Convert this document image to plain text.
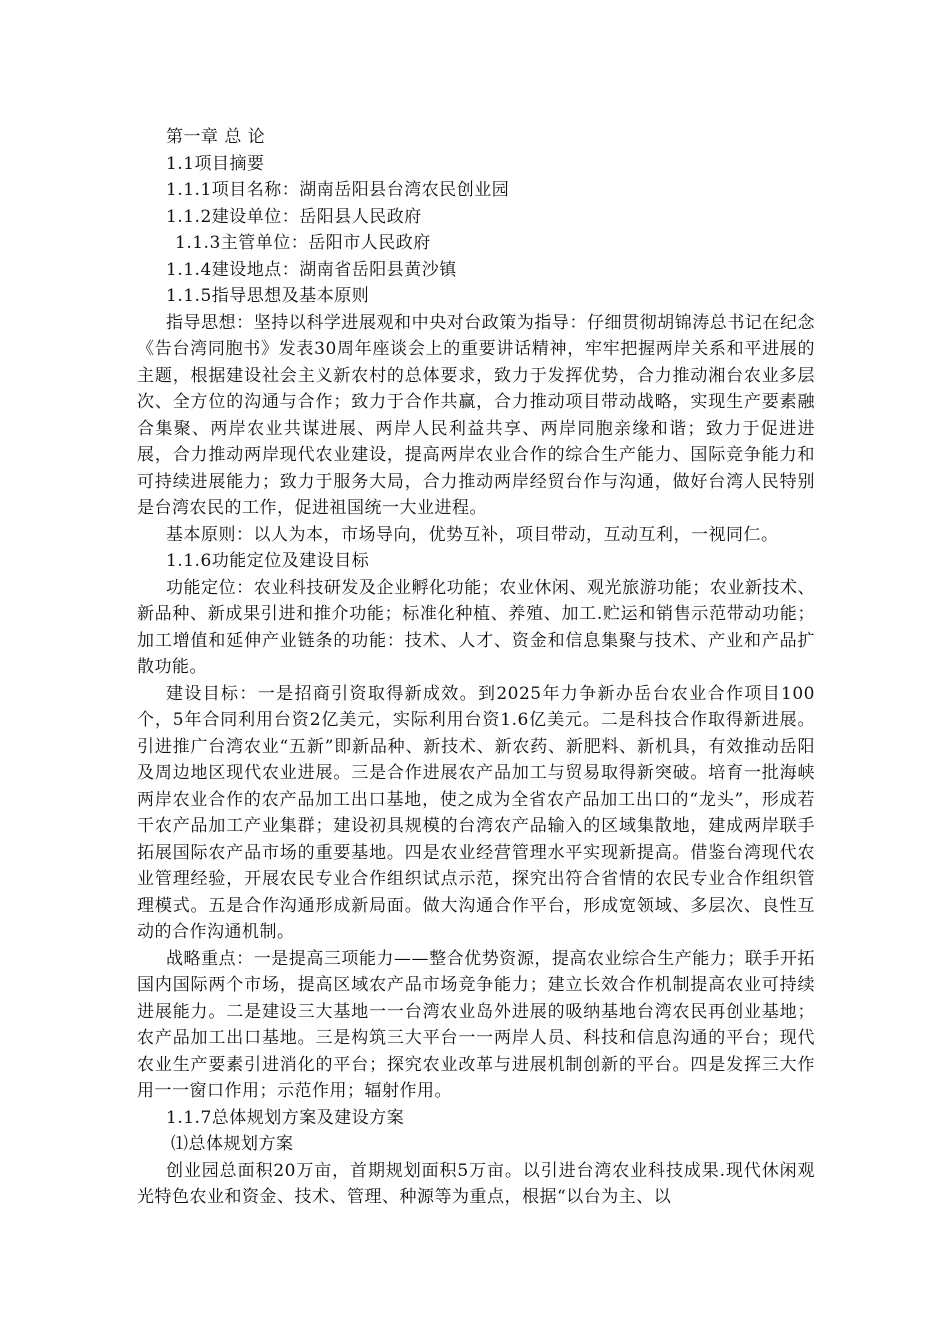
第一章 总 论

1.1项目摘要

1.1.1项目名称：湖南岳阳县台湾农民创业园

1.1.2建设单位：岳阳县人民政府

1.1.3主管单位：岳阳市人民政府

1.1.4建设地点：湖南省岳阳县黄沙镇

1.1.5指导思想及基本原则

指导思想：坚持以科学进展观和中央对台政策为指导：仔细贯彻胡锦涛总书记在纪念《告台湾同胞书》发表30周年座谈会上的重要讲话精神，牢牢把握两岸关系和平进展的主题，根据建设社会主义新农村的总体要求，致力于发挥优势，合力推动湘台农业多层次、全方位的沟通与合作；致力于合作共赢，合力推动项目带动战略，实现生产要素融合集聚、两岸农业共谋进展、两岸人民利益共享、两岸同胞亲缘和谐；致力于促进进展，合力推动两岸现代农业建设，提高两岸农业合作的综合生产能力、国际竞争能力和可持续进展能力；致力于服务大局，合力推动两岸经贸台作与沟通，做好台湾人民特别是台湾农民的工作，促进祖国统一大业进程。

基本原则：以人为本，市场导向，优势互补，项目带动，互动互利，一视同仁。

1.1.6功能定位及建设目标

功能定位：农业科技研发及企业孵化功能；农业休闲、观光旅游功能；农业新技术、新品种、新成果引进和推介功能；标准化种植、养殖、加工.贮运和销售示范带动功能；加工增值和延伸产业链条的功能：技术、人才、资金和信息集聚与技术、产业和产品扩散功能。

建设目标：一是招商引资取得新成效。到2025年力争新办岳台农业合作项目100个，5年合同利用台资2亿美元，实际利用台资1.6亿美元。二是科技合作取得新进展。引进推广台湾农业“五新”即新品种、新技术、新农药、新肥料、新机具，有效推动岳阳及周边地区现代农业进展。三是合作进展农产品加工与贸易取得新突破。培育一批海峡两岸农业合作的农产品加工出口基地，使之成为全省农产品加工出口的“龙头”，形成若干农产品加工产业集群；建设初具规模的台湾农产品输入的区域集散地，建成两岸联手拓展国际农产品市场的重要基地。四是农业经营管理水平实现新提高。借鉴台湾现代农业管理经验，开展农民专业合作组织试点示范，探究出符合省情的农民专业合作组织管理模式。五是合作沟通形成新局面。做大沟通合作平台，形成宽领域、多层次、良性互动的合作沟通机制。

战略重点：一是提高三项能力——整合优势资源，提高农业综合生产能力；联手开拓国内国际两个市场，提高区域农产品市场竞争能力；建立长效合作机制提高农业可持续进展能力。二是建设三大基地一一台湾农业岛外进展的吸纳基地台湾农民再创业基地；农产品加工出口基地。三是构筑三大平台一一两岸人员、科技和信息沟通的平台；现代农业生产要素引进消化的平台；探究农业改革与进展机制创新的平台。四是发挥三大作用一一窗口作用；示范作用；辐射作用。

1.1.7总体规划方案及建设方案

⑴总体规划方案

创业园总面积20万亩，首期规划面积5万亩。以引进台湾农业科技成果.现代休闲观光特色农业和资金、技术、管理、种源等为重点，根据“以台为主、以
